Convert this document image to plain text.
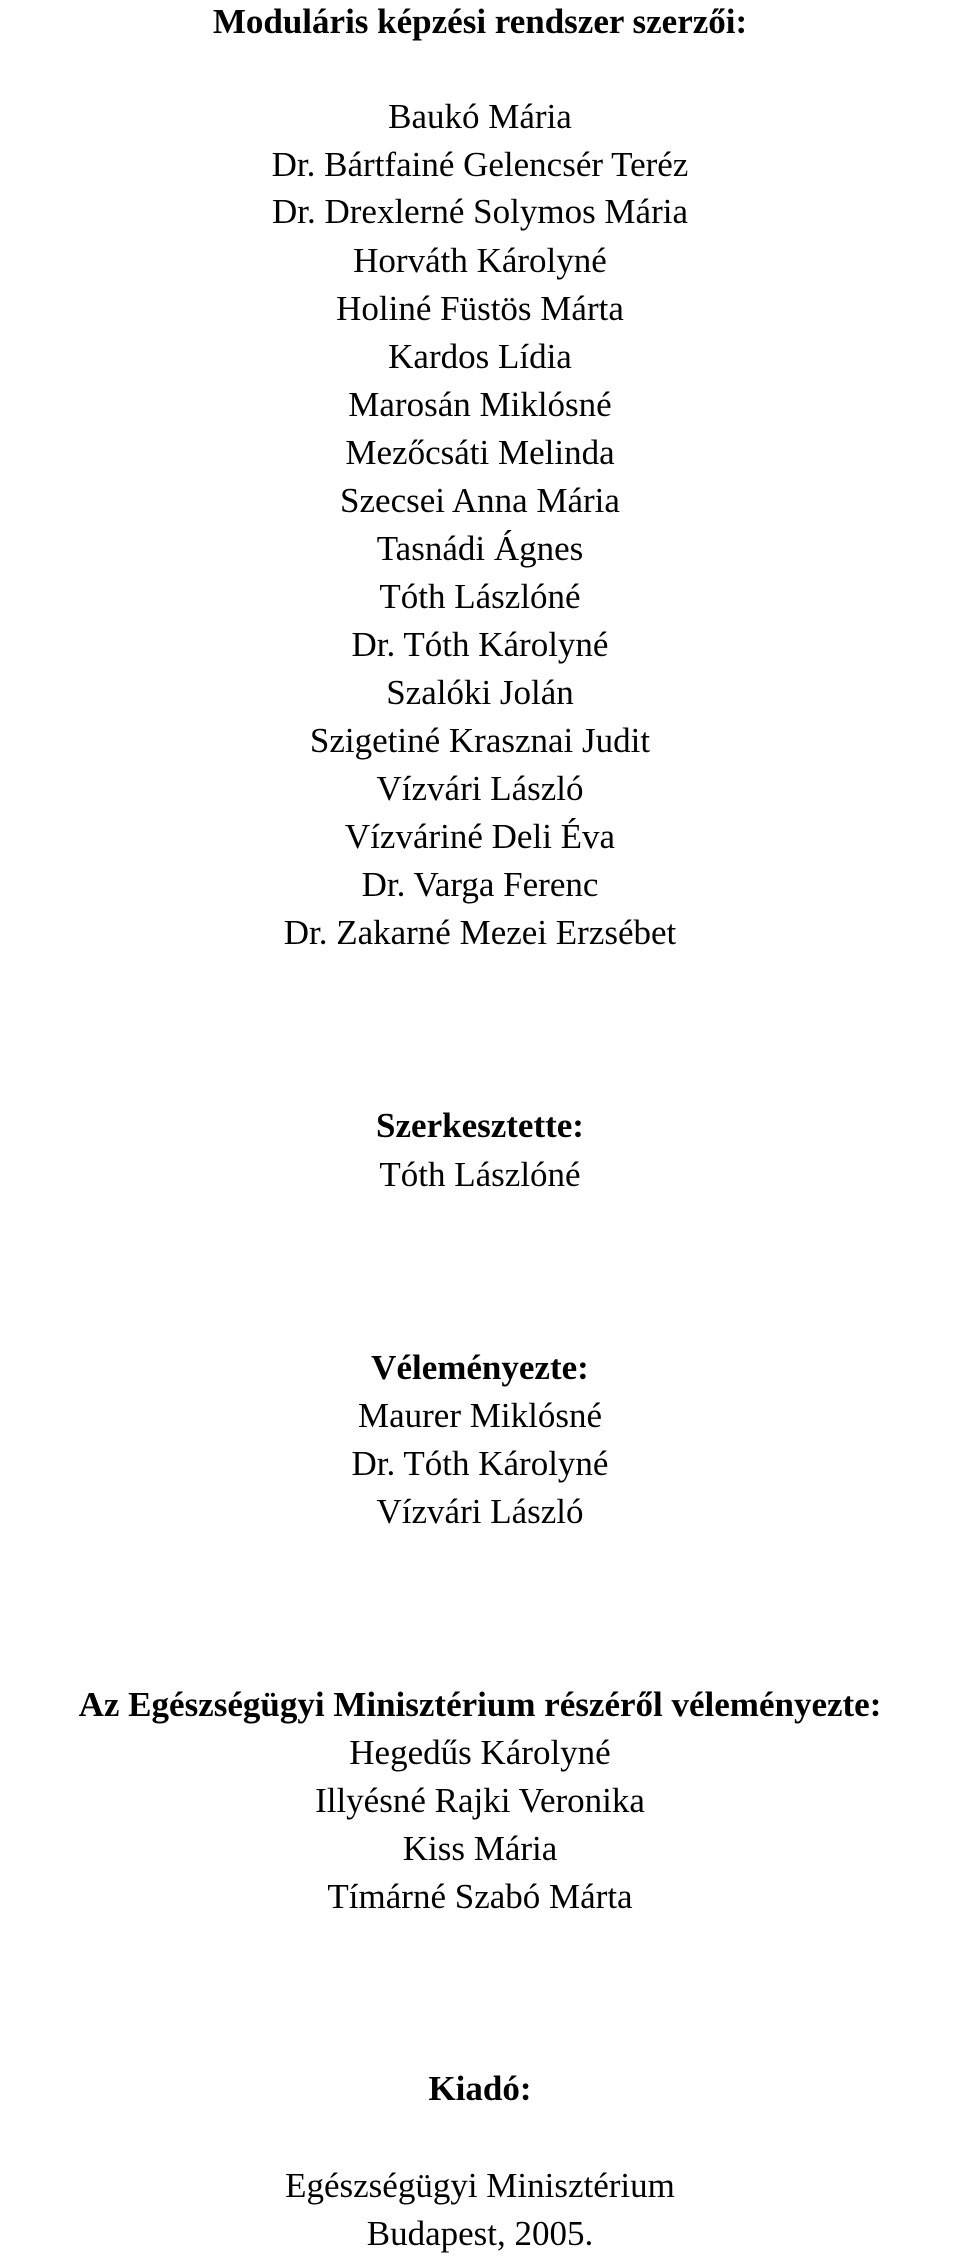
Moduláris képzési rendszer szerzői:
Baukó Mária
Dr. Bártfainé Gelencsér Teréz
Dr. Drexlerné Solymos Mária
Horváth Károlyné
Holiné Füstös Márta
Kardos Lídia
Marosán Miklósné
Mezőcsáti Melinda
Szecsei Anna Mária
Tasnádi Ágnes
Tóth Lászlóné
Dr. Tóth Károlyné
Szalóki Jolán
Szigetiné Krasznai Judit
Vízvári László
Vízváriné Deli Éva
Dr. Varga Ferenc
Dr. Zakarné Mezei Erzsébet
Szerkesztette:
Tóth Lászlóné
Véleményezte:
Maurer Miklósné
Dr. Tóth Károlyné
Vízvári László
Az Egészségügyi Minisztérium részéről véleményezte:
Hegedűs Károlyné
Illyésné Rajki Veronika
Kiss Mária
Tímárné Szabó Márta
Kiadó:
Egészségügyi Minisztérium
Budapest, 2005.
